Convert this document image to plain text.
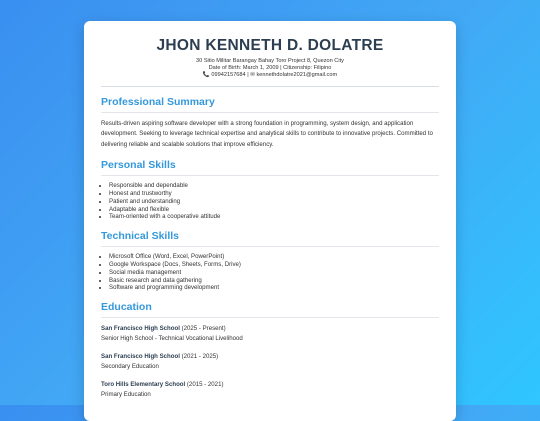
JHON KENNETH D. DOLATRE
30 Sitio Militar Barangay Bahay Toro Project 8, Quezon City
Date of Birth: March 1, 2009 | Citizenship: Filipino
📞 09942157684 | ✉ kennethdolatre2021@gmail.com
Professional Summary

Results-driven aspiring software developer with a strong foundation in programming, system design, and application development. Seeking to leverage technical expertise and analytical skills to contribute to innovative projects. Committed to delivering reliable and scalable solutions that improve efficiency.

Personal Skills
• Responsible and dependable
• Honest and trustworthy
• Patient and understanding
• Adaptable and flexible
• Team-oriented with a cooperative attitude
Technical Skills
• Microsoft Office (Word, Excel, PowerPoint)
• Google Workspace (Docs, Sheets, Forms, Drive)
• Social media management
• Basic research and data gathering
• Software and programming development
Education
San Francisco High School (2025 - Present)
Senior High School - Technical Vocational Livelihood
San Francisco High School (2021 - 2025)
Secondary Education
Toro Hills Elementary School (2015 - 2021)
Primary Education
